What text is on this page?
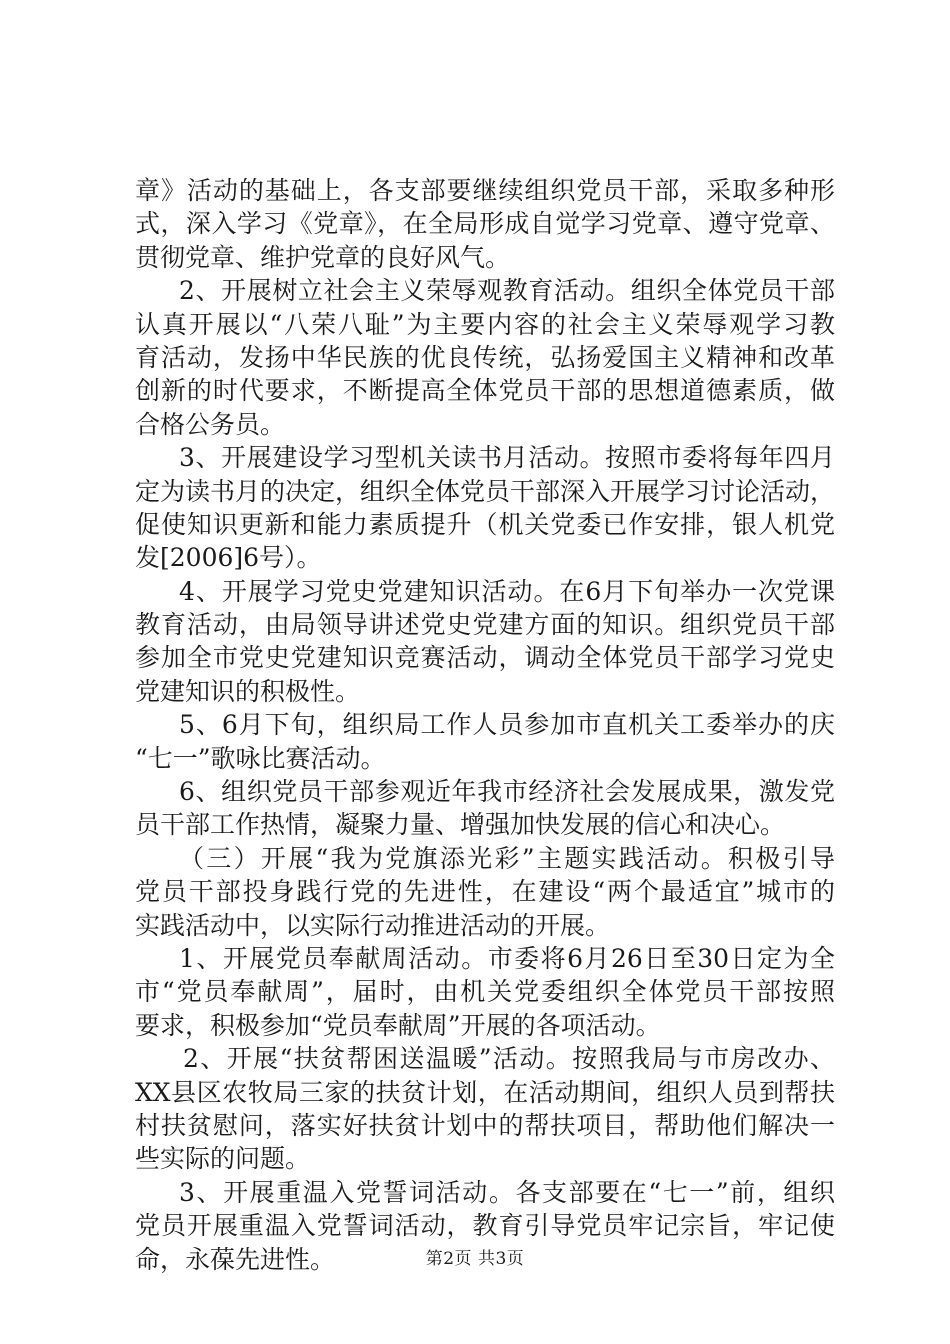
章》活动的基础上，各支部要继续组织党员干部，采取多种形
式，深入学习《党章》，在全局形成自觉学习党章、遵守党章、
贯彻党章、维护党章的良好风气。
2、开展树立社会主义荣辱观教育活动。组织全体党员干部
认真开展以“八荣八耻”为主要内容的社会主义荣辱观学习教
育活动，发扬中华民族的优良传统，弘扬爱国主义精神和改革
创新的时代要求，不断提高全体党员干部的思想道德素质，做
合格公务员。
3、开展建设学习型机关读书月活动。按照市委将每年四月
定为读书月的决定，组织全体党员干部深入开展学习讨论活动，
促使知识更新和能力素质提升（机关党委已作安排，银人机党
发[2006]6号）。
4、开展学习党史党建知识活动。在6月下旬举办一次党课
教育活动，由局领导讲述党史党建方面的知识。组织党员干部
参加全市党史党建知识竞赛活动，调动全体党员干部学习党史
党建知识的积极性。
5、6月下旬，组织局工作人员参加市直机关工委举办的庆
“七一”歌咏比赛活动。
6、组织党员干部参观近年我市经济社会发展成果，激发党
员干部工作热情，凝聚力量、增强加快发展的信心和决心。
（三）开展“我为党旗添光彩”主题实践活动。积极引导
党员干部投身践行党的先进性，在建设“两个最适宜”城市的
实践活动中，以实际行动推进活动的开展。
1、开展党员奉献周活动。市委将6月26日至30日定为全
市“党员奉献周”，届时，由机关党委组织全体党员干部按照
要求，积极参加“党员奉献周”开展的各项活动。
2、开展“扶贫帮困送温暖”活动。按照我局与市房改办、
XX县区农牧局三家的扶贫计划，在活动期间，组织人员到帮扶
村扶贫慰问，落实好扶贫计划中的帮扶项目，帮助他们解决一
些实际的问题。
3、开展重温入党誓词活动。各支部要在“七一”前，组织
党员开展重温入党誓词活动，教育引导党员牢记宗旨，牢记使
命，永葆先进性。	第2页 共3页
